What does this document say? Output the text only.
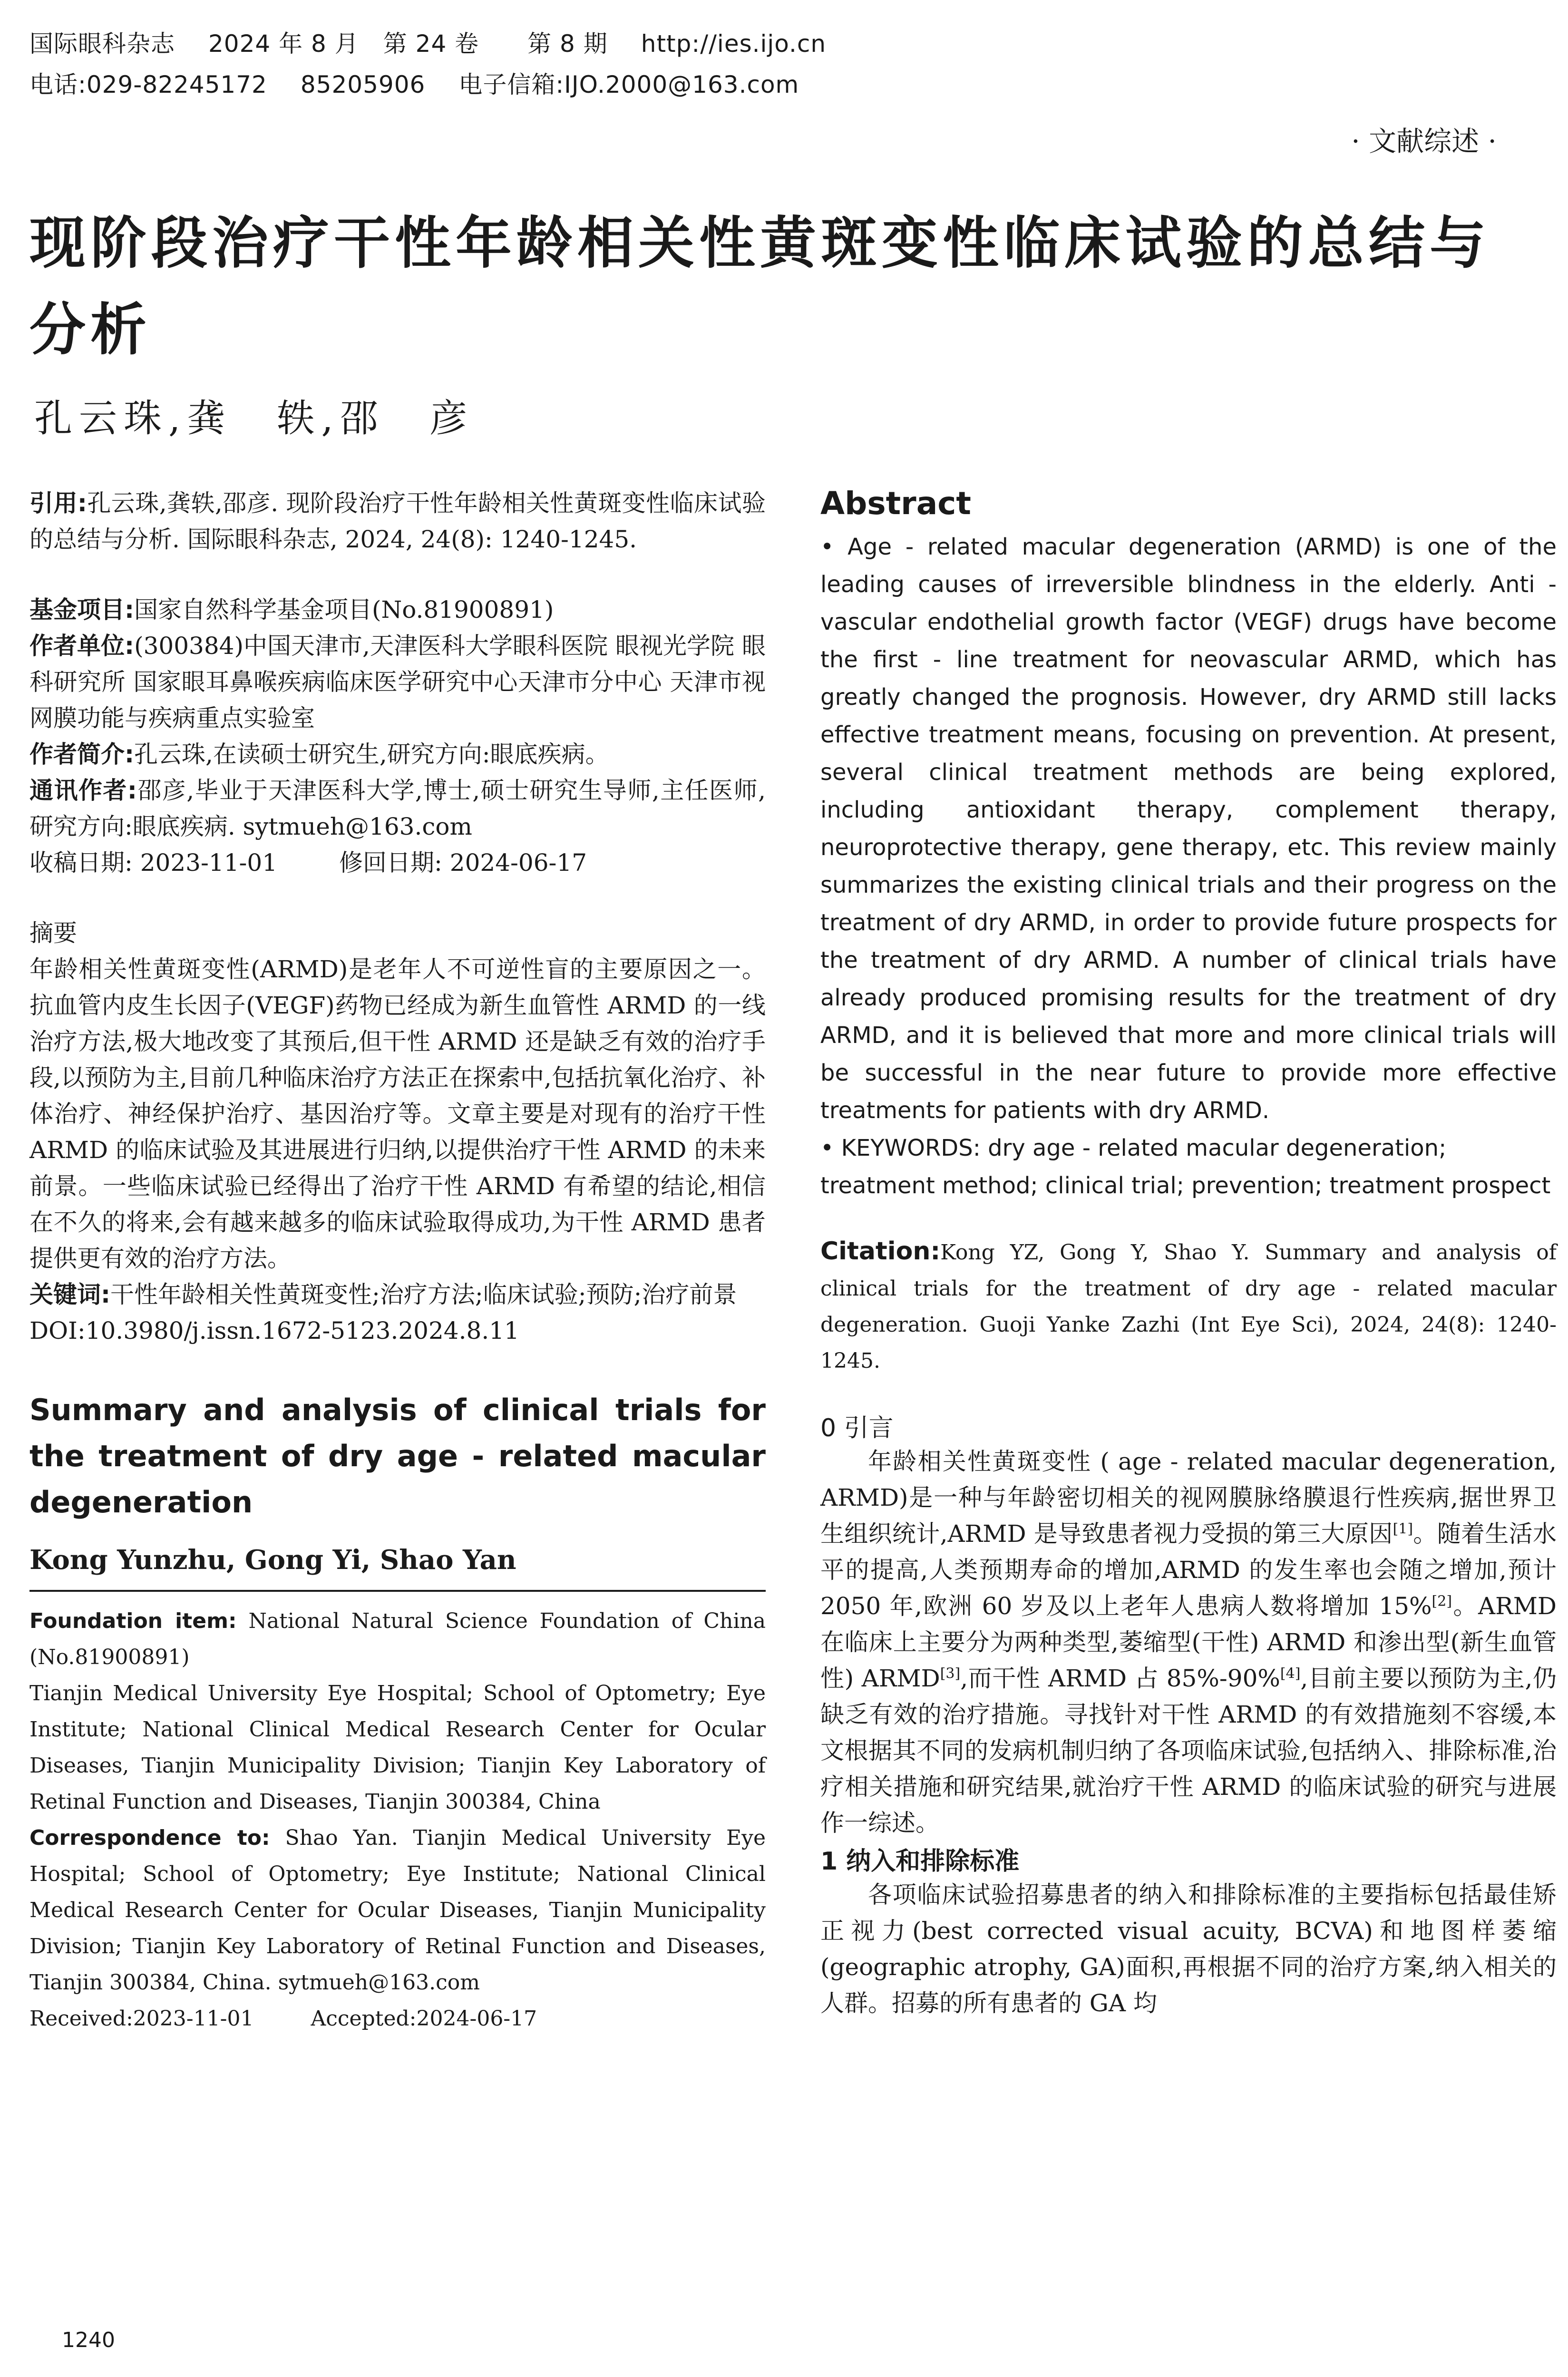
国际眼科杂志 2024 年 8 月　第 24 卷　　第 8 期 http://ies.ijo.cn
电话:029-82245172 85205906 电子信箱:IJO.2000@163.com
· 文献综述 ·
现阶段治疗干性年龄相关性黄斑变性临床试验的总结与分析
孔云珠,龚　轶,邵　彦

引用:孔云珠,龚轶,邵彦. 现阶段治疗干性年龄相关性黄斑变性临床试验的总结与分析. 国际眼科杂志, 2024, 24(8): 1240-1245.

基金项目:国家自然科学基金项目(No.81900891)

作者单位:(300384)中国天津市,天津医科大学眼科医院 眼视光学院 眼科研究所 国家眼耳鼻喉疾病临床医学研究中心天津市分中心 天津市视网膜功能与疾病重点实验室

作者简介:孔云珠,在读硕士研究生,研究方向:眼底疾病。

通讯作者:邵彦,毕业于天津医科大学,博士,硕士研究生导师,主任医师,研究方向:眼底疾病. sytmueh@163.com

收稿日期: 2023-11-01	修回日期: 2024-06-17

摘要

年龄相关性黄斑变性(ARMD)是老年人不可逆性盲的主要原因之一。抗血管内皮生长因子(VEGF)药物已经成为新生血管性 ARMD 的一线治疗方法,极大地改变了其预后,但干性 ARMD 还是缺乏有效的治疗手段,以预防为主,目前几种临床治疗方法正在探索中,包括抗氧化治疗、补体治疗、神经保护治疗、基因治疗等。文章主要是对现有的治疗干性 ARMD 的临床试验及其进展进行归纳,以提供治疗干性 ARMD 的未来前景。一些临床试验已经得出了治疗干性 ARMD 有希望的结论,相信在不久的将来,会有越来越多的临床试验取得成功,为干性 ARMD 患者提供更有效的治疗方法。

关键词:干性年龄相关性黄斑变性;治疗方法;临床试验;预防;治疗前景

DOI:10.3980/j.issn.1672-5123.2024.8.11

Summary and analysis of clinical trials for the treatment of dry age - related macular degeneration

Kong Yunzhu, Gong Yi, Shao Yan

Foundation item: National Natural Science Foundation of China (No.81900891)

Tianjin Medical University Eye Hospital; School of Optometry; Eye Institute; National Clinical Medical Research Center for Ocular Diseases, Tianjin Municipality Division; Tianjin Key Laboratory of Retinal Function and Diseases, Tianjin 300384, China

Correspondence to: Shao Yan. Tianjin Medical University Eye Hospital; School of Optometry; Eye Institute; National Clinical Medical Research Center for Ocular Diseases, Tianjin Municipality Division; Tianjin Key Laboratory of Retinal Function and Diseases, Tianjin 300384, China. sytmueh@163.com

Received:2023-11-01	Accepted:2024-06-17

Abstract

• Age - related macular degeneration (ARMD) is one of the leading causes of irreversible blindness in the elderly. Anti - vascular endothelial growth factor (VEGF) drugs have become the first - line treatment for neovascular ARMD, which has greatly changed the prognosis. However, dry ARMD still lacks effective treatment means, focusing on prevention. At present, several clinical treatment methods are being explored, including antioxidant therapy, complement therapy, neuroprotective therapy, gene therapy, etc. This review mainly summarizes the existing clinical trials and their progress on the treatment of dry ARMD, in order to provide future prospects for the treatment of dry ARMD. A number of clinical trials have already produced promising results for the treatment of dry ARMD, and it is believed that more and more clinical trials will be successful in the near future to provide more effective treatments for patients with dry ARMD.

• KEYWORDS: dry age - related macular degeneration; treatment method; clinical trial; prevention; treatment prospect

Citation:Kong YZ, Gong Y, Shao Y. Summary and analysis of clinical trials for the treatment of dry age - related macular degeneration. Guoji Yanke Zazhi (Int Eye Sci), 2024, 24(8): 1240-1245.

0 引言

年龄相关性黄斑变性 ( age - related macular degeneration, ARMD)是一种与年龄密切相关的视网膜脉络膜退行性疾病,据世界卫生组织统计,ARMD 是导致患者视力受损的第三大原因[1]。随着生活水平的提高,人类预期寿命的增加,ARMD 的发生率也会随之增加,预计 2050 年,欧洲 60 岁及以上老年人患病人数将增加 15%[2]。ARMD 在临床上主要分为两种类型,萎缩型(干性) ARMD 和渗出型(新生血管性) ARMD[3],而干性 ARMD 占 85%-90%[4],目前主要以预防为主,仍缺乏有效的治疗措施。寻找针对干性 ARMD 的有效措施刻不容缓,本文根据其不同的发病机制归纳了各项临床试验,包括纳入、排除标准,治疗相关措施和研究结果,就治疗干性 ARMD 的临床试验的研究与进展作一综述。

1 纳入和排除标准

各项临床试验招募患者的纳入和排除标准的主要指标包括最佳矫正视力(best corrected visual acuity, BCVA)和地图样萎缩(geographic atrophy, GA)面积,再根据不同的治疗方案,纳入相关的人群。招募的所有患者的 GA 均

1240
